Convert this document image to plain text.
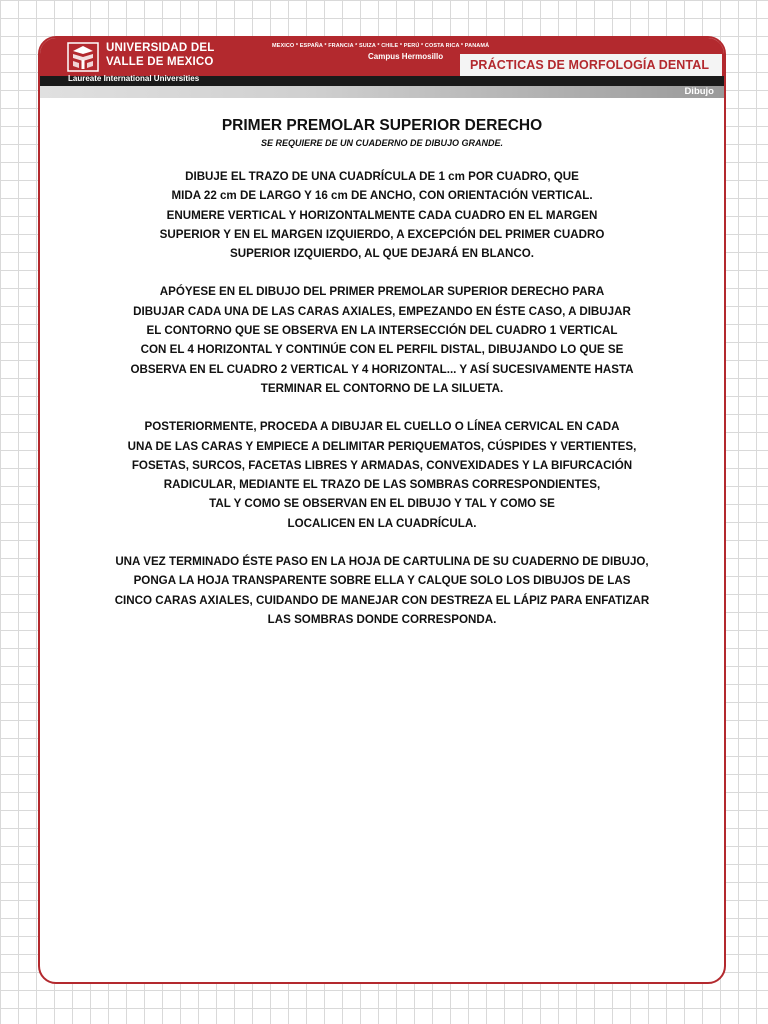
UNIVERSIDAD DEL
VALLE DE MEXICO
MEXICO * ESPAÑA * FRANCIA * SUIZA * CHILE * PERÚ * COSTA RICA * PANAMÁ
Campus Hermosillo
PRÁCTICAS DE MORFOLOGÍA DENTAL
Laureate International Universities
Dibujo
PRIMER PREMOLAR SUPERIOR DERECHO

SE REQUIERE DE UN CUADERNO DE DIBUJO GRANDE.

DIBUJE EL TRAZO DE UNA CUADRÍCULA DE 1 cm POR CUADRO, QUE
MIDA 22 cm DE LARGO Y 16 cm DE ANCHO, CON ORIENTACIÓN VERTICAL.
ENUMERE VERTICAL Y HORIZONTALMENTE CADA CUADRO EN EL MARGEN
SUPERIOR Y EN EL MARGEN IZQUIERDO, A EXCEPCIÓN DEL PRIMER CUADRO
SUPERIOR IZQUIERDO, AL QUE DEJARÁ EN BLANCO.

APÓYESE EN EL DIBUJO DEL PRIMER PREMOLAR SUPERIOR DERECHO PARA
DIBUJAR CADA UNA DE LAS CARAS AXIALES, EMPEZANDO EN ÉSTE CASO, A DIBUJAR
EL CONTORNO QUE SE OBSERVA EN LA INTERSECCIÓN DEL CUADRO 1 VERTICAL
CON EL 4 HORIZONTAL Y CONTINÚE CON EL PERFIL DISTAL, DIBUJANDO LO QUE SE
OBSERVA EN EL CUADRO 2 VERTICAL Y 4 HORIZONTAL... Y ASÍ SUCESIVAMENTE HASTA
TERMINAR EL CONTORNO DE LA SILUETA.

POSTERIORMENTE, PROCEDA A DIBUJAR EL CUELLO O LÍNEA CERVICAL EN CADA
UNA DE LAS CARAS Y EMPIECE A DELIMITAR PERIQUEMATOS, CÚSPIDES Y VERTIENTES,
FOSETAS, SURCOS, FACETAS LIBRES Y ARMADAS, CONVEXIDADES Y LA BIFURCACIÓN
RADICULAR, MEDIANTE EL TRAZO DE LAS SOMBRAS CORRESPONDIENTES,
TAL Y COMO SE OBSERVAN EN EL DIBUJO Y TAL Y COMO SE
LOCALICEN EN LA CUADRÍCULA.

UNA VEZ TERMINADO ÉSTE PASO EN LA HOJA DE CARTULINA DE SU CUADERNO DE DIBUJO,
PONGA LA HOJA TRANSPARENTE SOBRE ELLA Y CALQUE SOLO LOS DIBUJOS DE LAS
CINCO CARAS AXIALES, CUIDANDO DE MANEJAR CON DESTREZA EL LÁPIZ PARA ENFATIZAR
LAS SOMBRAS DONDE CORRESPONDA.
